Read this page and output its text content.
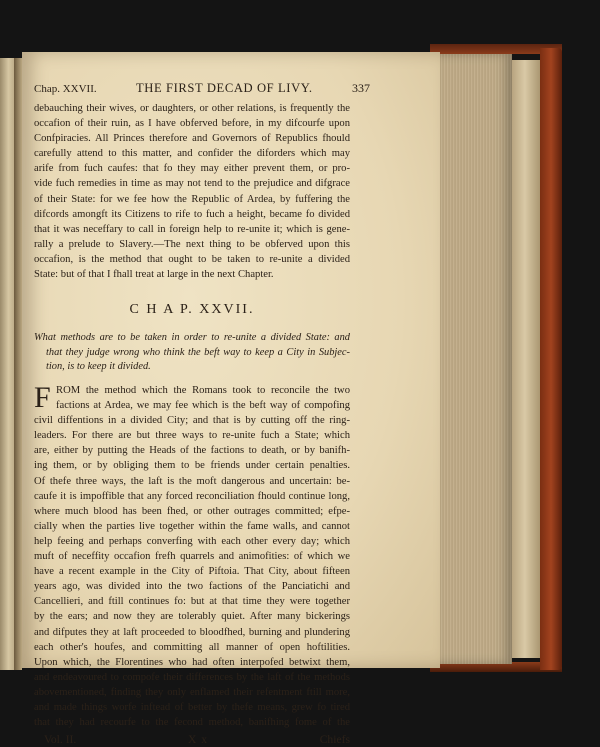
Chap. XXVII.	THE FIRST DECAD OF LIVY.	337
debauching their wives, or daughters, or other relations, is frequently the
occafion of their ruin, as I have obferved before, in my difcourfe upon
Confpiracies. All Princes therefore and Governors of Republics fhould
carefully attend to this matter, and confider the diforders which may
arife from fuch caufes: that fo they may either prevent them, or pro-
vide fuch remedies in time as may not tend to the prejudice and difgrace
of their State: for we fee how the Republic of Ardea, by fuffering the
difcords amongft its Citizens to rife to fuch a height, became fo divided
that it was neceffary to call in foreign help to re-unite it; which is gene-
rally a prelude to Slavery.—The next thing to be obferved upon this
occafion, is the method that ought to be taken to re-unite a divided
State: but of that I fhall treat at large in the next Chapter.
C H A P. XXVII.
What methods are to be taken in order to re-unite a divided State: and
that they judge wrong who think the beft way to keep a City in Subjec-
tion, is to keep it divided.
F ROM the method which the Romans took to reconcile the two
factions at Ardea, we may fee which is the beft way of compofing
civil diffentions in a divided City; and that is by cutting off the ring-
leaders. For there are but three ways to re-unite fuch a State; which
are, either by putting the Heads of the factions to death, or by banifh-
ing them, or by obliging them to be friends under certain penalties.
Of thefe three ways, the laft is the moft dangerous and uncertain: be-
caufe it is impoffible that any forced reconciliation fhould continue long,
where much blood has been fhed, or other outrages committed; efpe-
cially when the parties live together within the fame walls, and cannot
help feeing and perhaps converfing with each other every day; which
muft of neceffity occafion frefh quarrels and animofities: of which we
have a recent example in the City of Piftoia. That City, about fifteen
years ago, was divided into the two factions of the Panciatichi and
Cancellieri, and ftill continues fo: but at that time they were together
by the ears; and now they are tolerably quiet. After many bickerings
and difputes they at laft proceeded to bloodfhed, burning and plundering
each other's houfes, and committing all manner of open hoftilities.
Upon which, the Florentines who had often interpofed betwixt them,
and endeavoured to compofe their differences by the laft of the methods
abovementioned, finding they only enflamed their refentment ftill more,
and made things worfe inftead of better by thefe means, grew fo tired
that they had recourfe to the fecond method, banifhing fome of the
Vol. II.	X x	Chiefs
